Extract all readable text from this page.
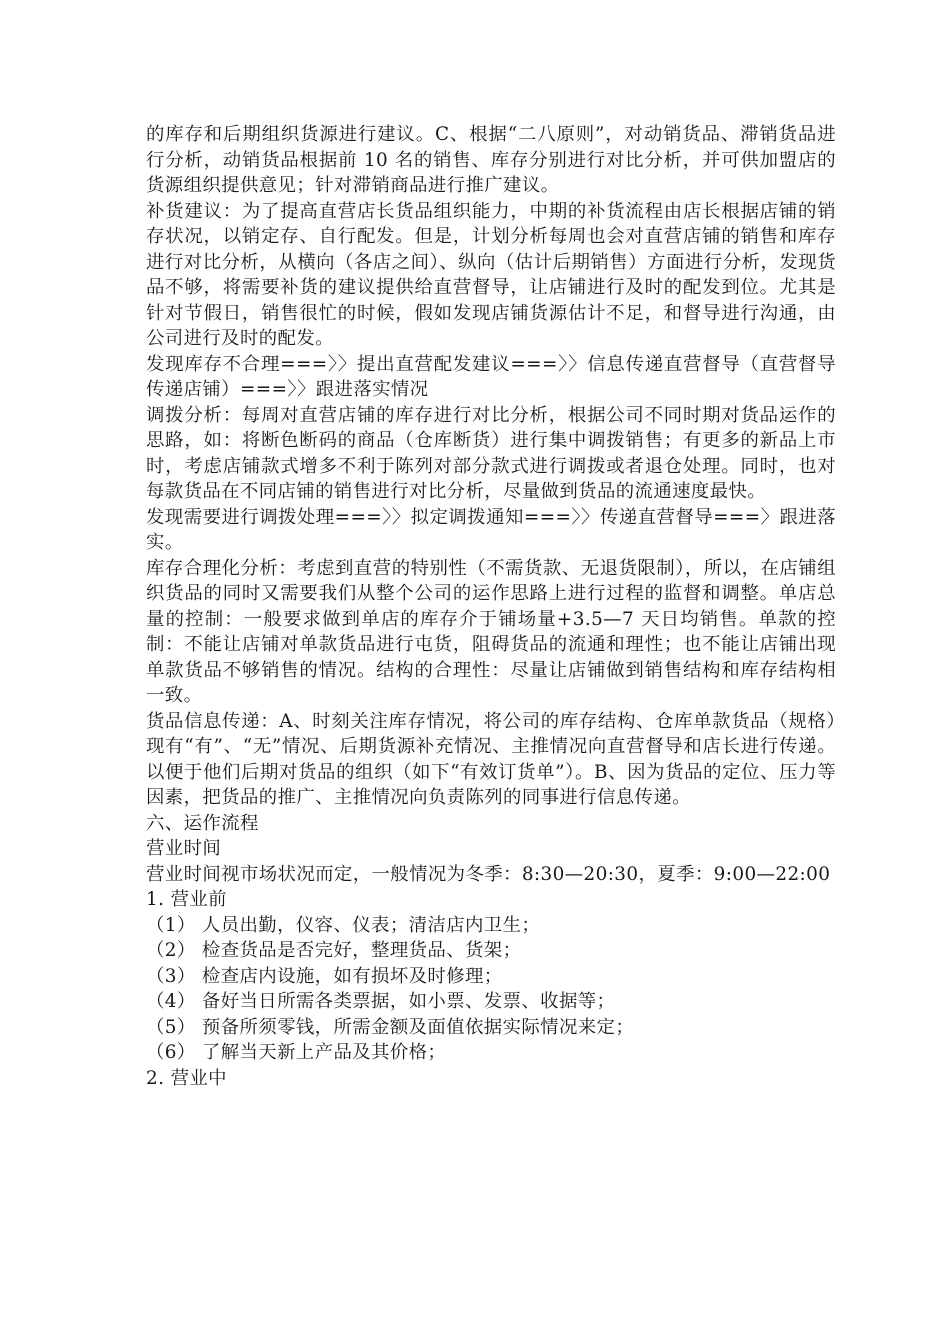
的库存和后期组织货源进行建议。C、根据“二八原则”，对动销货品、滞销货品进行分析，动销货品根据前 10 名的销售、库存分别进行对比分析，并可供加盟店的货源组织提供意见；针对滞销商品进行推广建议。

补货建议：为了提高直营店长货品组织能力，中期的补货流程由店长根据店铺的销存状况，以销定存、自行配发。但是，计划分析每周也会对直营店铺的销售和库存进行对比分析，从横向（各店之间）、纵向（估计后期销售）方面进行分析，发现货品不够，将需要补货的建议提供给直营督导，让店铺进行及时的配发到位。尤其是针对节假日，销售很忙的时候，假如发现店铺货源估计不足，和督导进行沟通，由公司进行及时的配发。

发现库存不合理===〉〉提出直营配发建议===〉〉信息传递直营督导（直营督导传递店铺）===〉〉跟进落实情况

调拨分析：每周对直营店铺的库存进行对比分析，根据公司不同时期对货品运作的思路，如：将断色断码的商品（仓库断货）进行集中调拨销售；有更多的新品上市时，考虑店铺款式增多不利于陈列对部分款式进行调拨或者退仓处理。同时，也对每款货品在不同店铺的销售进行对比分析，尽量做到货品的流通速度最快。

发现需要进行调拨处理===〉〉拟定调拨通知===〉〉传递直营督导===〉跟进落实。

库存合理化分析：考虑到直营的特别性（不需货款、无退货限制），所以，在店铺组织货品的同时又需要我们从整个公司的运作思路上进行过程的监督和调整。单店总量的控制：一般要求做到单店的库存介于铺场量+3.5—7 天日均销售。单款的控制：不能让店铺对单款货品进行屯货，阻碍货品的流通和理性；也不能让店铺出现单款货品不够销售的情况。结构的合理性：尽量让店铺做到销售结构和库存结构相一致。

货品信息传递：A、时刻关注库存情况，将公司的库存结构、仓库单款货品（规格）现有“有”、“无”情况、后期货源补充情况、主推情况向直营督导和店长进行传递。以便于他们后期对货品的组织（如下“有效订货单”）。B、因为货品的定位、压力等因素，把货品的推广、主推情况向负责陈列的同事进行信息传递。

六、运作流程

营业时间

营业时间视市场状况而定，一般情况为冬季：8:30—20:30，夏季：9:00—22:00

1. 营业前

（1） 人员出勤，仪容、仪表；清洁店内卫生；

（2） 检查货品是否完好，整理货品、货架；

（3） 检查店内设施，如有损坏及时修理；

（4） 备好当日所需各类票据，如小票、发票、收据等；

（5） 预备所须零钱，所需金额及面值依据实际情况来定；

（6） 了解当天新上产品及其价格；

2. 营业中
